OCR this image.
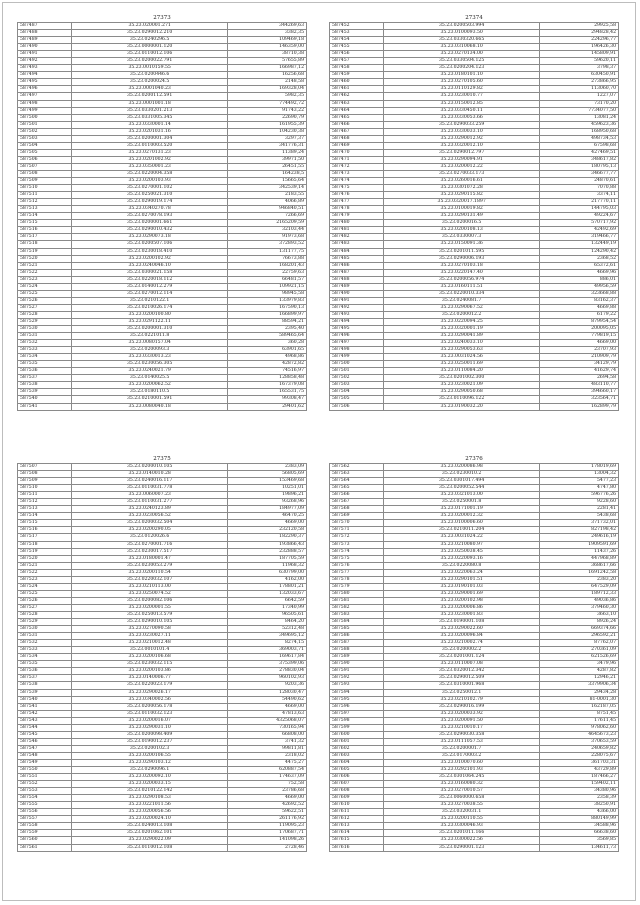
27373
587487	35.23.020001.271	344269,63
587488	35.23.0290012.210	3382,35
587489	35.23.0240296.5	109469,18
587490	35.23.0000001.120	146359,00
587491	35.23.0110012.106	38710,38
587492	35.23.0200022.791	57655,89
587493	35.23.0010159.55	166987,12
587494	35.23.0200446.6	16256,68
587495	35.23.0200024.5	2148,58
587496	35.23.0001040.23	169328,04
587497	35.23.0200112.591	5982,35
587498	35.23.0001001.18	774492,72
587499	35.23.0330201.213	91743,22
587500	35.23.0331005.345	22690,79
587501	35.23.0330001.14	161955,39
587502	35.23.0201031.16	104230,38
587503	35.23.0200001.304	3297,37
587504	35.23.0110003.520	341776,31
587505	35.23.0270131.23	11389,24
587506	35.23.0201002.92	39971,50
587507	35.23.0350001.23	26451,55
587508	35.23.0220004.358	164238,5
587509	35.23.0200103.93	15665,64
587510	35.23.0270001.102	342539,14
587511	35.23.0250021.310	2183,55
587512	35.23.0290019.174	4066,89
587513	35.23.0340270.78	946840,51
587514	35.23.0270078.193	7266,69
587515	35.23.0200001.661	2165209,59
587516	35.23.0290010.432	32103,44
587517	35.23.0290073.18	91973,68
587518	35.23.0200507.106	372893,52
587519	35.23.0230018.410	131177,75
587520	35.23.0200102.92	76673,88
587521	35.23.0240046.10	168201,43
587522	35.23.0300021.158	22759,63
587523	35.23.0220018.112	66481,57
587524	35.23.0140012.279	109921,15
587525	35.23.0270012.114	98945,58
587526	35.23.0210122.1	133979,83
587527	35.23.0210026.174	167590,13
587528	35.23.0200100.80	166899,97
587529	35.23.0291122.11	88594,21
587530	35.23.0200001.310	2395,40
587531	35.23.0221011.8	589465,64
587532	35.23.0080157.04	360,28
587533	35.23.0200093.3	63901,65
587534	35.23.0330013.23	4968,86
587535	35.23.0230056.305	42872,82
587536	35.23.0240021.79	74516,97
587537	35.23.0140025.5	128858,48
587538	35.23.0200062.52	167379,08
587539	35.23.0180110.5	165531,75
587540	35.23.0210001.591	99308,47
587541	35.23.0080040.18	29401,62
27374
587452	35.23.0200503.994	29925,58
587453	35.23.0100093.50	294828,42
587454	35.23.0330320.665	224296,77
587455	35.23.0310068.10	196426,30
587456	35.23.0270134.00	145809,91
587457	35.23.0330504.125	59620,11
587458	35.23.0200204.123	3798,37
587459	35.23.0180101.10	630450,91
587460	35.23.0270105.60	273866,95
587461	35.23.0110129.82	113060,70
587462	35.23.0230010.77	1227,07
587463	35.23.0150012.85	73170,20
587464	35.23.0330450.11	7734077,50
587465	35.23.0330053.66	13081,24
587466	35.23.0290033.259	459623,36
587467	35.23.0330033.10	168950,68
587468	35.23.0290012.92	498734,53
587469	35.23.0320012.10	67598,68
587470	35.23.0290012.797	427469,51
587471	35.23.0290094.91	348617,82
587472	35.23.0200012.22	180795,13
587473	35.23.0270033.173	346677,77
587474	35.23.0260016.61	24870,61
587475	35.23.0301072.28	7070,88
587476	35.23.0290115.82	3374,11
587477	35.23.0320017.1897	217770,11
587478	35.23.0100019.82	144795,03
587479	35.23.0290131.49	49224,67
587480	35.23.0200016.5	570717,92
587481	35.23.0200108.13	42492,69
587482	35.23.0330007.3	319466,77
587483	35.23.0150091.36	132449,19
587484	35.23.0201011.595	124290,42
587485	35.23.0290006.193	2368,52
587486	35.23.0270103.18	65372,61
587487	35.23.0220147.40	4669,96
587488	35.23.0200056.974	886,01
587489	35.23.0160111.51	49956,59
587490	35.23.0220010.334	323668,88
587491	35.23.0240081.7	83162,37
587492	35.23.0290067.52	4669,88
587493	35.23.0200012.2	6179,22
587494	35.23.0220094.25	879954,54
587495	35.23.0320001.19	200095,05
587496	35.23.0290041.89	779819,15
587497	35.23.0240033.10	4669,00
587498	35.23.0290053.63	23707,93
587499	35.23.0031024.56	210909,79
587500	35.23.0250011.69	34129,79
587501	35.23.0110084.20	41629,74
587502	35.23.0201002.300	2694,58
587503	35.23.0230021.09	483110,77
587504	35.23.0290050.68	394660,17
587505	35.23.0110096.122	323564,71
587506	35.23.0190032.20	162899,79
27375
587507	35.23.0200010.105	2383,09
587508	35.23.0140010.28	56805,69
587509	35.23.0240016.117	153469,68
587510	35.23.0110031.778	10251,01
587511	35.23.0060007.23	19896,21
587512	35.23.0110031.277	93268,96
587513	35.23.0240123.89	184977,09
587514	35.23.0230056.52	46470,25
587515	35.23.0200032.504	4669,00
587516	35.23.0200290.05	232120,58
587517	35.23.0120026.6	182290,37
587518	35.23.0270001.716	193866,43
587519	35.23.0230017.517	232888,57
587520	35.23.0180001.47	187705,59
587521	35.23.0230053.279	11968,32
587522	35.23.0200110.54	630799,00
587523	35.23.0220032.107	4162,00
587524	35.23.0210113.00	178801,21
587525	35.23.0250074.52	132033,67
587526	35.23.0200082.106	6642,59
587527	35.23.0200001.55	17340,99
587528	35.23.0250013.579	96505,61
587529	35.23.0290010.105	8464,20
587530	35.23.0270090.58	52312,48
587531	35.23.0230027.11	349695,12
587532	35.23.0210012.48	8274,15
587533	35.23.0010101.4	369003,71
587534	35.23.0200106.68	169617,84
587535	35.23.0230032.115	375399,06
587536	35.23.0200103.86	278830,04
587537	35.23.0140006.77	960102,93
587538	35.23.0220023.179	9203,36
587539	35.23.0290026.17	128030,47
587540	35.23.0340002.56	54490,62
587541	35.23.0200056.178	4669,00
587542	35.23.0110032.123	47813,63
587543	35.23.0200016.07	4325068,07
587544	35.23.0290031.10	730165,94
587545	35.23.0200098.409	66808,00
587546	35.23.0190012.237	3741,32
587547	35.23.0200102.3	99811,81
587548	35.23.0200106.55	2318,02
587549	35.23.0290103.12	4475,27
587550	35.23.0290096.1	620887,54
587551	35.23.0200092.10	174637,09
587552	35.23.0200033.15	752,58
587553	35.23.0210122.142	23786,68
587554	35.23.0290108.53	4669,00
587555	35.23.0221011.56	42692,52
587556	35.23.0200056.56	59622,51
587557	35.23.0200024.10	261176,92
587558	35.23.0240013.108	119095,23
587559	35.23.0201062.101	170687,71
587560	35.23.0290022.09	141098,26
587561	35.23.0110012.108	2728,46
27376
587562	35.23.0200086.98	178019,69
587563	35.23.0230010.2	13004,32
587564	35.23.0301017.494	5477,23
587565	35.23.0200052.544	4747,80
587566	35.23.0321013.00	596776,26
587567	35.23.0250001.8	9228,60
587568	35.23.0171001.19	2281,41
587569	35.23.0200012.32	5438,68
587570	35.23.0100006.60	371732,01
587571	35.23.0210011.204	827198,42
587572	35.23.0031024.22	249616,19
587573	35.23.0210080.97	1909591,69
587574	35.23.0250038.45	11437,26
587575	35.23.0220093.16	447968,89
587576	35.23.0220080.8	368617,66
587577	35.23.0220063.24	1691242,58
587578	35.23.0290101.51	2383,20
587579	35.23.0190101.03	647529,09
587580	35.23.0290001.69	189712,33
587581	35.23.0200102.98	49036,86
587582	35.23.0200006.86	379460,30
587583	35.23.0230001.83	3663,10
587584	35.23.0190001.108	8926,24
587585	35.23.0290022.60	669374,66
587586	35.23.0200096.84	296592,21
587587	35.23.0210002.74	87762,07
587588	35.23.0200002.2	270361,09
587589	35.23.0201001.124	621526,69
587590	35.23.0110007.08	3479,96
587591	35.23.0320012.342	4287,82
587592	35.23.0290012.509	12946,21
587593	35.23.0310001.968	3379906,34
587594	35.23.0250012.1	29434,28
587595	35.23.0210102.79	81-0001,30
587596	35.23.0290016.199	162187,05
587597	35.23.0200033.92	8751,45
587598	35.23.0200091.50	17611,45
587599	35.23.0210010.17	978062,60
587600	35.23.0290030.358	4645673,23
587601	35.23.0111057.53	370653,59
587602	35.23.0200001.7	240659,82
587603	35.23.0170003.2	228075,67
587604	35.23.0100070.60	361703,31
587605	35.23.0292101.93	43729,89
587606	35.23.0301064.245	187466,27
587607	35.23.0160080.32	159402,11
587608	35.23.0270010.57	34380,96
587609	35.23.0060000.658	2358,39
587610	35.23.0270038.55	38250,91
587611	35.23.0320031.1	4366,00
587612	35.23.0200110.55	880149,99
587613	35.23.0300046.93	34588,96
587614	35.23.0201011.166	66638,60
587615	35.23.0300022.56	3569,85
587616	35.23.0290001.123	134611,73
